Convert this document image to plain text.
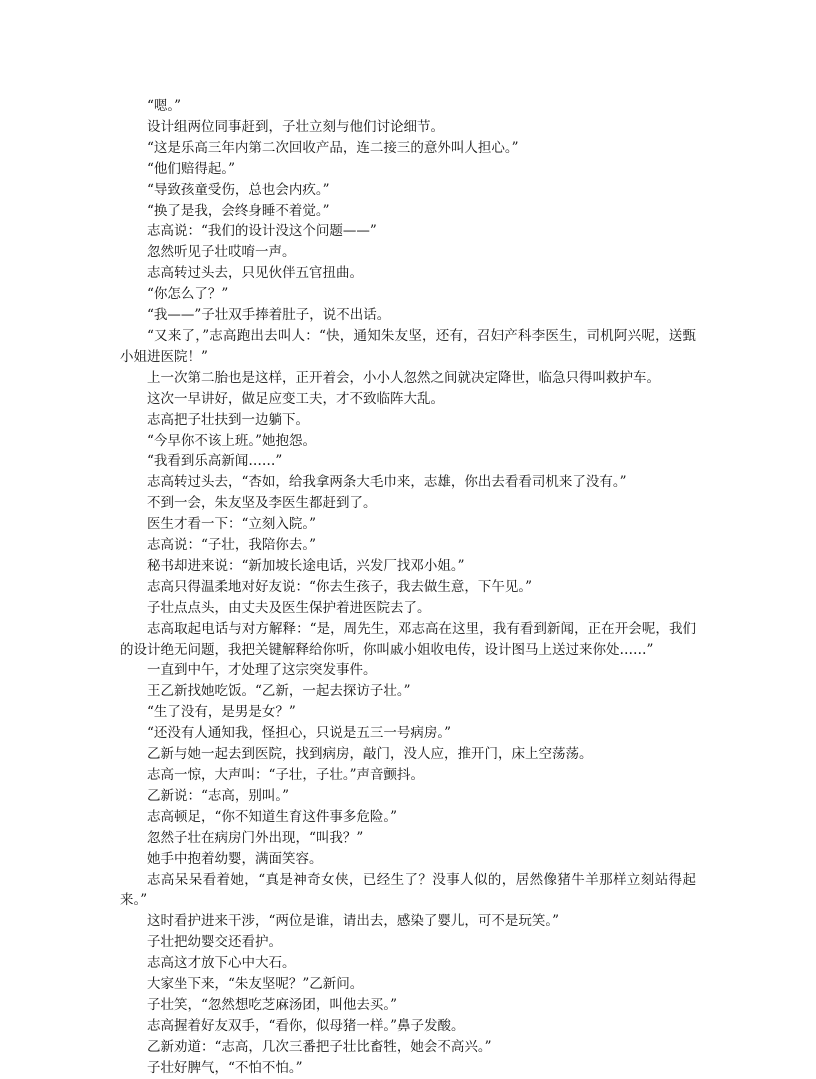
“嗯。”

设计组两位同事赶到，子壮立刻与他们讨论细节。

“这是乐高三年内第二次回收产品，连二接三的意外叫人担心。”

“他们赔得起。”

“导致孩童受伤，总也会内疚。”

“换了是我，会终身睡不着觉。”

志高说：“我们的设计没这个问题——”

忽然听见子壮哎唷一声。

志高转过头去，只见伙伴五官扭曲。

“你怎么了？”

“我——”子壮双手捧着肚子，说不出话。

“又来了，”志高跑出去叫人：“快，通知朱友坚，还有，召妇产科李医生，司机阿兴呢，送甄小姐进医院！”

上一次第二胎也是这样，正开着会，小小人忽然之间就决定降世，临急只得叫救护车。

这次一早讲好，做足应变工夫，才不致临阵大乱。

志高把子壮扶到一边躺下。

“今早你不该上班。”她抱怨。

“我看到乐高新闻……”

志高转过头去，“杏如，给我拿两条大毛巾来，志雄，你出去看看司机来了没有。”

不到一会，朱友坚及李医生都赶到了。

医生才看一下：“立刻入院。”

志高说：“子壮，我陪你去。”

秘书却进来说：“新加坡长途电话，兴发厂找邓小姐。”

志高只得温柔地对好友说：“你去生孩子，我去做生意，下午见。”

子壮点点头，由丈夫及医生保护着进医院去了。

志高取起电话与对方解释：“是，周先生，邓志高在这里，我有看到新闻，正在开会呢，我们的设计绝无问题，我把关键解释给你听，你叫戚小姐收电传，设计图马上送过来你处……”

一直到中午，才处理了这宗突发事件。

王乙新找她吃饭。“乙新，一起去探访子壮。”

“生了没有，是男是女？”

“还没有人通知我，怪担心，只说是五三一号病房。”

乙新与她一起去到医院，找到病房，敲门，没人应，推开门，床上空荡荡。

志高一惊，大声叫：“子壮，子壮。”声音颤抖。

乙新说：“志高，别叫。”

志高顿足，“你不知道生育这件事多危险。”

忽然子壮在病房门外出现，“叫我？”

她手中抱着幼婴，满面笑容。

志高呆呆看着她，“真是神奇女侠，已经生了？没事人似的，居然像猪牛羊那样立刻站得起来。”

这时看护进来干涉，“两位是谁，请出去，感染了婴儿，可不是玩笑。”

子壮把幼婴交还看护。

志高这才放下心中大石。

大家坐下来，“朱友坚呢？”乙新问。

子壮笑，“忽然想吃芝麻汤团，叫他去买。”

志高握着好友双手，“看你，似母猪一样。”鼻子发酸。

乙新劝道：“志高，几次三番把子壮比畜牲，她会不高兴。”

子壮好脾气，“不怕不怕。”
